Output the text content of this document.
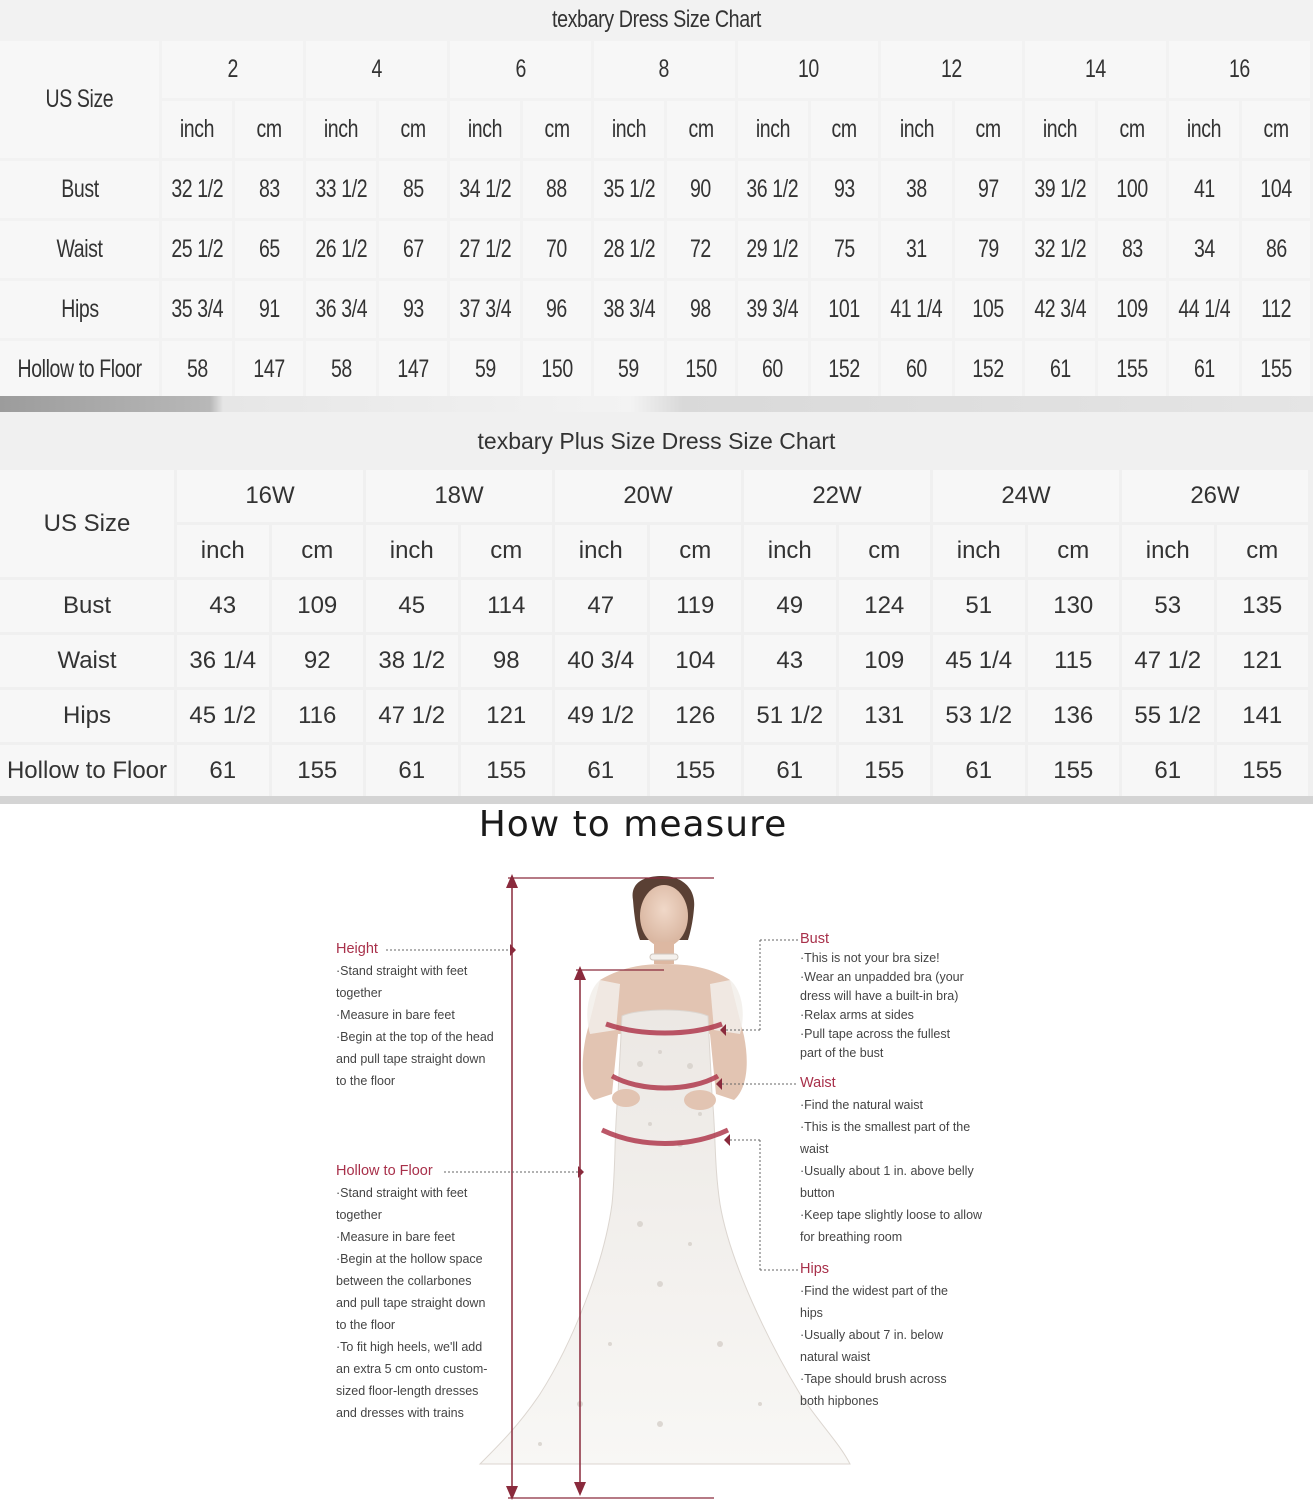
texbary Dress Size Chart
US Size	2		4		6		8		10		12		14		16	
	inch	cm	inch	cm	inch	cm	inch	cm	inch	cm	inch	cm	inch	cm	inch	cm
Bust	32 1/2	83	33 1/2	85	34 1/2	88	35 1/2	90	36 1/2	93	38	97	39 1/2	100	41	104
Waist	25 1/2	65	26 1/2	67	27 1/2	70	28 1/2	72	29 1/2	75	31	79	32 1/2	83	34	86
Hips	35 3/4	91	36 3/4	93	37 3/4	96	38 3/4	98	39 3/4	101	41 1/4	105	42 3/4	109	44 1/4	112
Hollow to Floor	58	147	58	147	59	150	59	150	60	152	60	152	61	155	61	155
texbary Plus Size Dress Size Chart
US Size	16W		18W		20W		22W		24W		26W	
	inch	cm	inch	cm	inch	cm	inch	cm	inch	cm	inch	cm
Bust	43	109	45	114	47	119	49	124	51	130	53	135
Waist	36 1/4	92	38 1/2	98	40 3/4	104	43	109	45 1/4	115	47 1/2	121
Hips	45 1/2	116	47 1/2	121	49 1/2	126	51 1/2	131	53 1/2	136	55 1/2	141
Hollow to Floor	61	155	61	155	61	155	61	155	61	155	61	155
How to measure
Height
·Stand straight with feet
together
·Measure in bare feet
·Begin at the top of the head
and pull tape straight down
to the floor
Hollow to Floor
·Stand straight with feet
together
·Measure in bare feet
·Begin at the hollow space
between the collarbones
and pull tape straight down
to the floor
·To fit high heels, we'll add
an extra 5 cm onto custom-
sized floor-length dresses
and dresses with trains
Bust
·This is not your bra size!
·Wear an unpadded bra (your
dress will have a built-in bra)
·Relax arms at sides
·Pull tape across the fullest
part of the bust
Waist
·Find the natural waist
·This is the smallest part of the
waist
·Usually about 1 in. above belly
button
·Keep tape slightly loose to allow
for breathing room
Hips
·Find the widest part of the
hips
·Usually about 7 in. below
natural waist
·Tape should brush across
both hipbones
